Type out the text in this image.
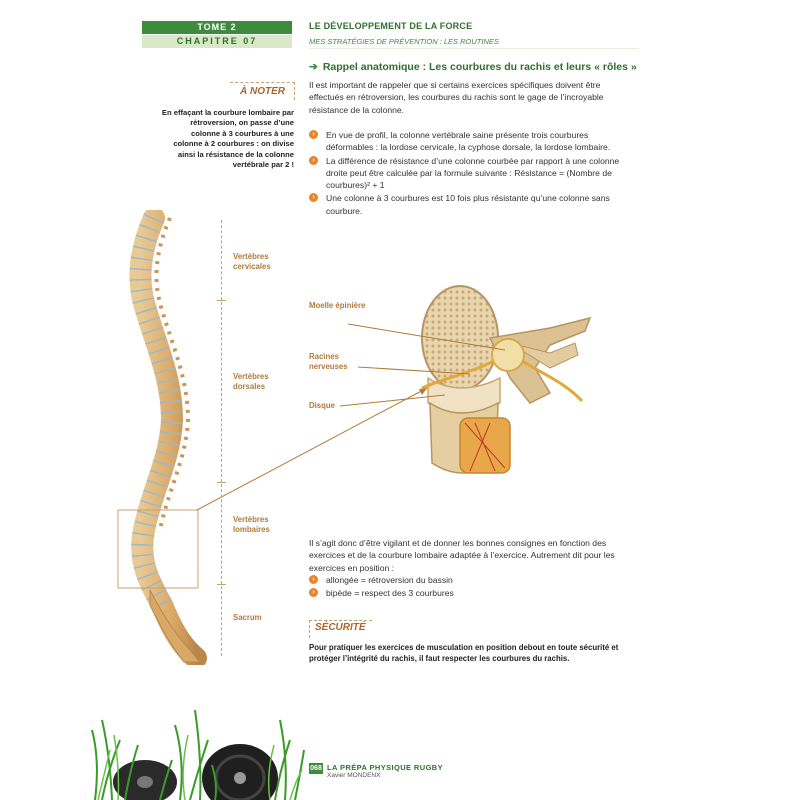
TOME 2
CHAPITRE 07
LE DÉVELOPPEMENT DE LA FORCE
MES STRATÉGIES DE PRÉVENTION : LES ROUTINES
➔ Rappel anatomique : Les courbures du rachis et leurs « rôles »
Il est important de rappeler que si certains exercices spécifiques doivent être effectués en rétroversion, les courbures du rachis sont le gage de l’incroyable résistance de la colonne.
›	En vue de profil, la colonne vertébrale saine présente trois courbures déformables : la lordose cervicale, la cyphose dorsale, la lordose lombaire.
›	La différence de résistance d’une colonne courbée par rapport à une colonne droite peut être calculée par la formule suivante : Résistance = (Nombre de courbures)² + 1
›	Une colonne à 3 courbures est 10 fois plus résistante qu’une colonne sans courbure.
À NOTER
En effaçant la courbure lombaire par rétroversion, on passe d’une colonne à 3 courbures à une colonne à 2 courbures : on divise ainsi la résistance de la colonne vertébrale par 2 !
Vertèbres cervicales
Vertèbres dorsales
Vertèbres lombaires
Sacrum
Moelle épinière
Racines nerveuses
Disque
Il s’agit donc d’être vigilant et de donner les bonnes consignes en fonction des exercices et de la courbure lombaire adaptée à l’exercice. Autrement dit pour les exercices en position :
›	allongée = rétroversion du bassin
›	bipède = respect des 3 courbures
SÉCURITÉ
Pour pratiquer les exercices de musculation en position debout en toute sécurité et protéger l’intégrité du rachis, il faut respecter les courbures du rachis.
068 LA PRÉPA PHYSIQUE RUGBY
Xavier MONDENX
